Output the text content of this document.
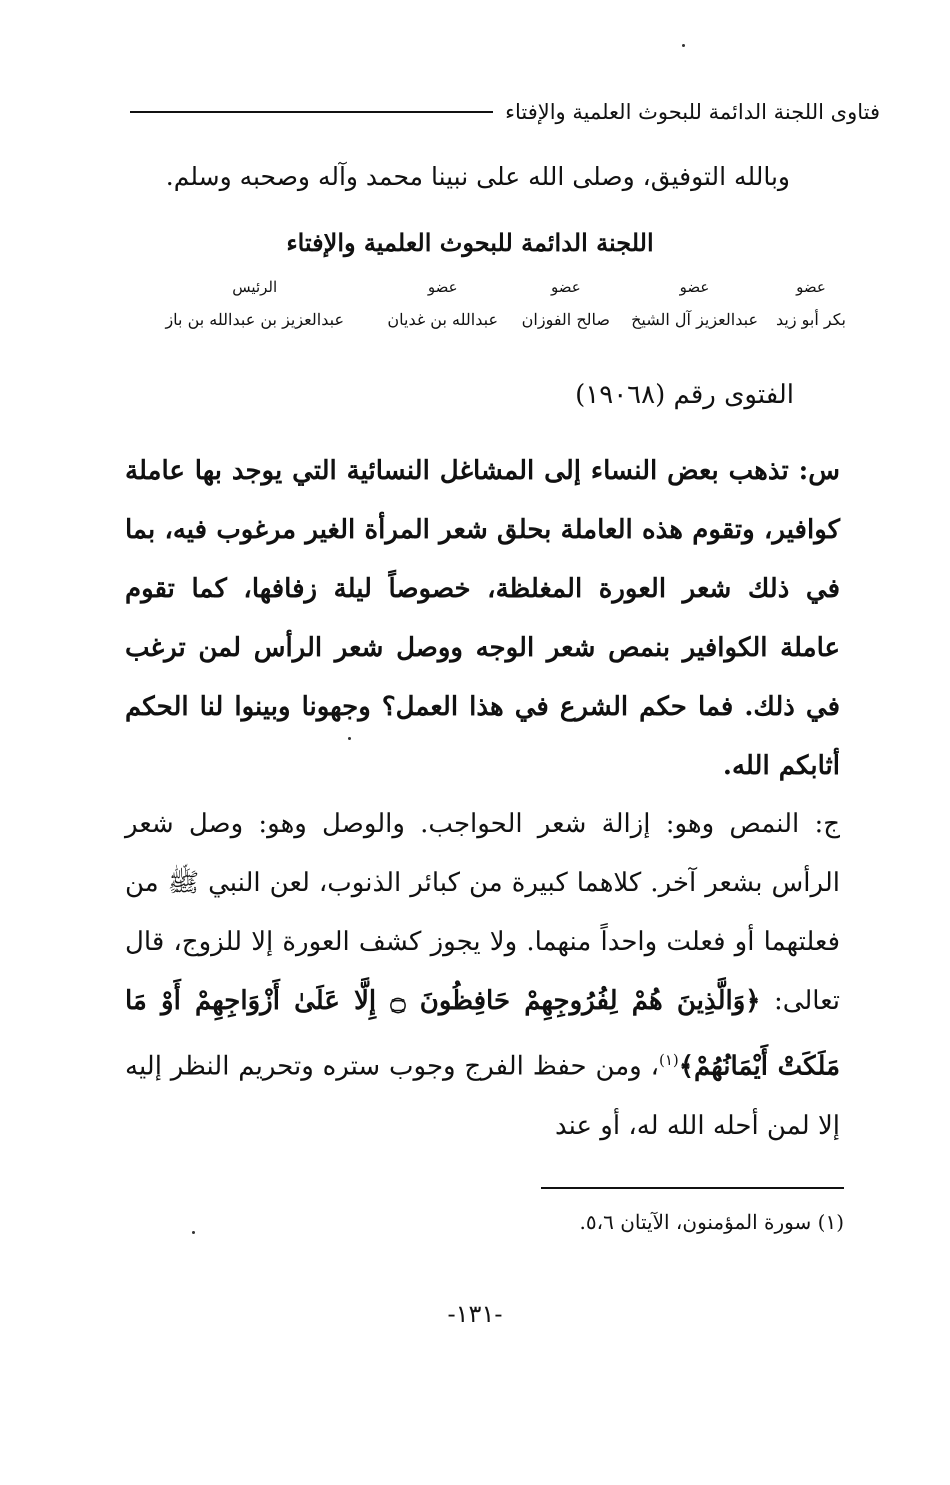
فتاوى اللجنة الدائمة للبحوث العلمية والإفتاء
وبالله التوفيق، وصلى الله على نبينا محمد وآله وصحبه وسلم.
اللجنة الدائمة للبحوث العلمية والإفتاء
عضو
بكر أبو زيد
عضو
عبدالعزيز آل الشيخ
عضو
صالح الفوزان
عضو
عبدالله بن غديان
الرئيس
عبدالعزيز بن عبدالله بن باز
الفتوى رقم (١٩٠٦٨)
س: تذهب بعض النساء إلى المشاغل النسائية التي يوجد بها عاملة كوافير، وتقوم هذه العاملة بحلق شعر المرأة الغير مرغوب فيه، بما في ذلك شعر العورة المغلظة، خصوصاً ليلة زفافها، كما تقوم عاملة الكوافير بنمص شعر الوجه ووصل شعر الرأس لمن ترغب في ذلك. فما حكم الشرع في هذا العمل؟ وجهونا وبينوا لنا الحكم أثابكم الله.
ج: النمص وهو: إزالة شعر الحواجب. والوصل وهو: وصل شعر الرأس بشعر آخر. كلاهما كبيرة من كبائر الذنوب، لعن النبي ﷺ من فعلتهما أو فعلت واحداً منهما. ولا يجوز كشف العورة إلا للزوج، قال تعالى: ﴿وَالَّذِينَ هُمْ لِفُرُوجِهِمْ حَافِظُونَ ۝ إِلَّا عَلَىٰ أَزْوَاجِهِمْ أَوْ مَا مَلَكَتْ أَيْمَانُهُمْ﴾$^{(١)}$، ومن حفظ الفرج وجوب ستره وتحريم النظر إليه إلا لمن أحله الله له، أو عند
(١) سورة المؤمنون، الآيتان ٥،٦.
-١٣١-
